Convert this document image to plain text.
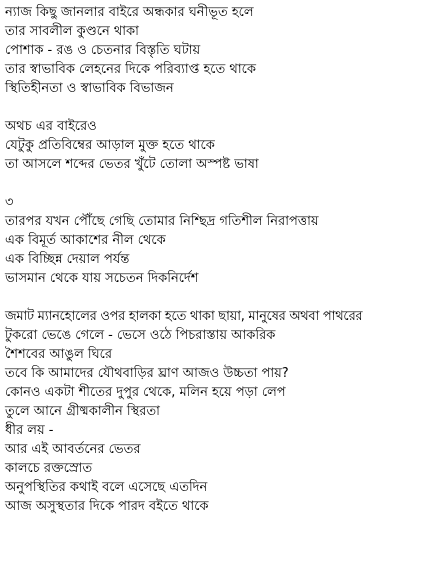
ন্যাজ কিছু জানলার বাইরে অন্ধকার ঘনীভূত হলে
তার সাবলীল কুণ্ডনে থাকা
পোশাক - রঙ ও চেতনার বিস্তৃতি ঘটায়
তার স্বাভাবিক লেহনের দিকে পরিব্যাপ্ত হতে থাকে
স্থিতিহীনতা ও স্বাভাবিক বিভাজন
অথচ এর বাইরেও
যেটুকু প্রতিবিম্বের আড়াল মুক্ত হতে থাকে
তা আসলে শব্দের ভেতর খুঁটে তোলা অস্পষ্ট ভাষা
৩
তারপর যখন পৌঁছে গেছি তোমার নিশ্ছিদ্র গতিশীল নিরাপত্তায়
এক বিমূর্ত আকাশের নীল থেকে
এক বিচ্ছিন্ন দেয়াল পর্যন্ত
ভাসমান থেকে যায় সচেতন দিকনির্দেশ
জমাট ম্যানহোলের ওপর হালকা হতে থাকা ছায়া, মানুষের অথবা পাথরের
টুকরো ভেঙে গেলে - ভেসে ওঠে পিচরাস্তায় আকরিক
শৈশবের আঙুল ঘিরে
তবে কি আমাদের যৌথবাড়ির ঘ্রাণ আজও উচ্চতা পায়?
কোনও একটা শীতের দুপুর থেকে, মলিন হয়ে পড়া লেপ
তুলে আনে গ্রীষ্মকালীন স্থিরতা
ধীর লয় -
আর এই আবর্তনের ভেতর
কালচে রক্তস্রোত
অনুপস্থিতির কথাই বলে এসেছে এতদিন
আজ অসুস্থতার দিকে পারদ বইতে থাকে
